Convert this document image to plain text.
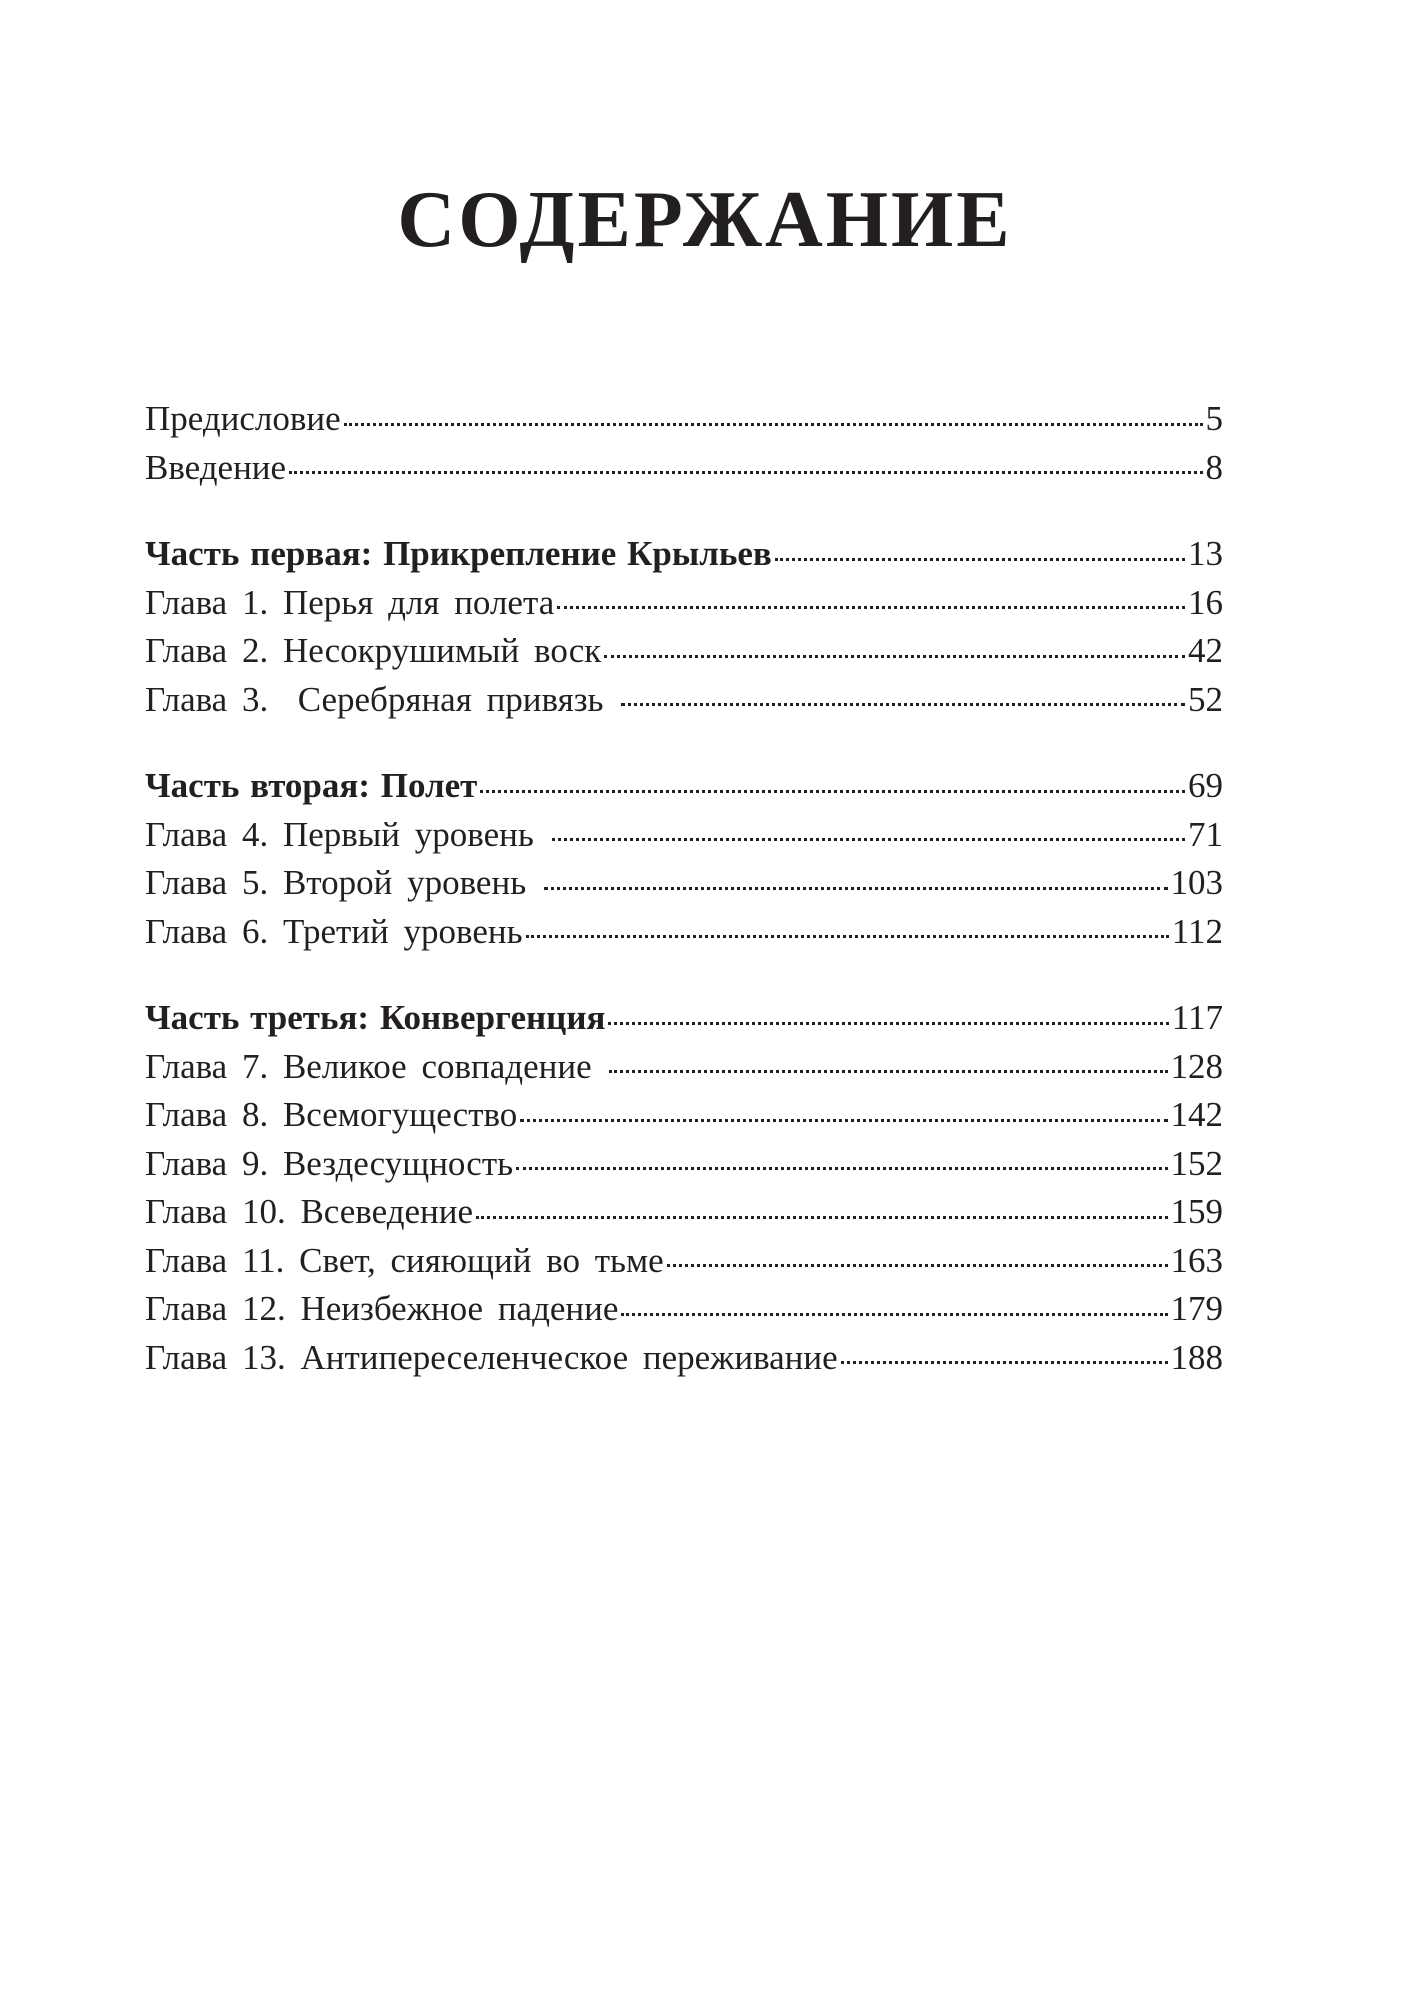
СОДЕРЖАНИЕ
Предисловие	5
Введение	8
Часть первая: Прикрепление Крыльев	13
Глава 1. Перья для полета	16
Глава 2. Несокрушимый воск	42
Глава 3.  Серебряная привязь	52
Часть вторая: Полет	69
Глава 4. Первый уровень	71
Глава 5. Второй уровень	103
Глава 6. Третий уровень	112
Часть третья: Конвергенция	117
Глава 7. Великое совпадение	128
Глава 8. Всемогущество	142
Глава 9. Вездесущность	152
Глава 10. Всеведение	159
Глава 11. Свет, сияющий во тьме	163
Глава 12. Неизбежное падение	179
Глава 13. Антипереселенческое переживание	188
